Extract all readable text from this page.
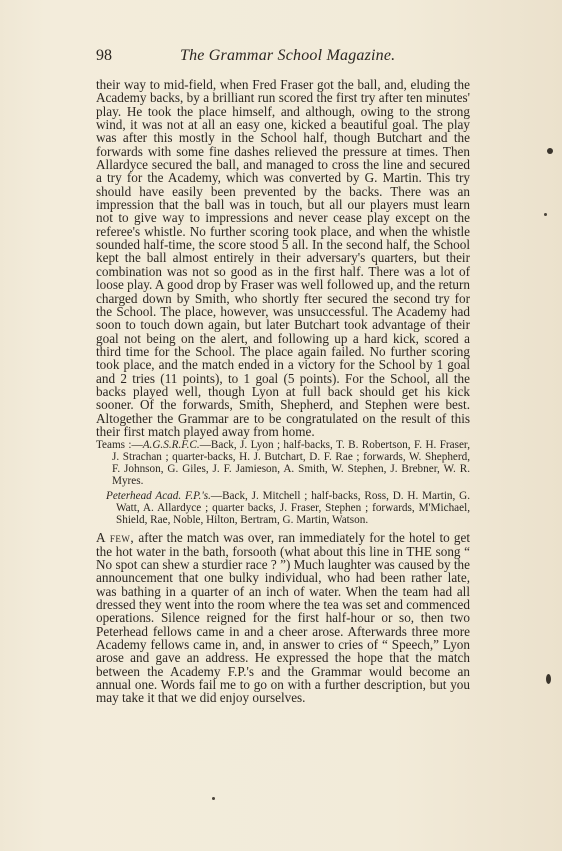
98	The Grammar School Magazine.

their way to mid-field, when Fred Fraser got the ball, and, eluding the Academy backs, by a brilliant run scored the first try after ten minutes' play. He took the place himself, and although, owing to the strong wind, it was not at all an easy one, kicked a beautiful goal. The play was after this mostly in the School half, though Butchart and the forwards with some fine dashes relieved the pressure at times. Then Allardyce secured the ball, and managed to cross the line and secured a try for the Academy, which was converted by G. Martin. This try should have easily been prevented by the backs. There was an impression that the ball was in touch, but all our players must learn not to give way to impressions and never cease play except on the referee's whistle. No further scoring took place, and when the whistle sounded half-time, the score stood 5 all. In the second half, the School kept the ball almost entirely in their adversary's quarters, but their combination was not so good as in the first half. There was a lot of loose play. A good drop by Fraser was well followed up, and the return charged down by Smith, who shortly fter secured the second try for the School. The place, however, was unsuccessful. The Academy had soon to touch down again, but later Butchart took advantage of their goal not being on the alert, and following up a hard kick, scored a third time for the School. The place again failed. No further scoring took place, and the match ended in a victory for the School by 1 goal and 2 tries (11 points), to 1 goal (5 points). For the School, all the backs played well, though Lyon at full back should get his kick sooner. Of the forwards, Smith, Shepherd, and Stephen were best. Altogether the Grammar are to be congratulated on the result of this their first match played away from home.

Teams :—A.G.S.R.F.C.—Back, J. Lyon ; half-backs, T. B. Robertson, F. H. Fraser, J. Strachan ; quarter-backs, H. J. Butchart, D. F. Rae ; forwards, W. Shepherd, F. Johnson, G. Giles, J. F. Jamieson, A. Smith, W. Stephen, J. Brebner, W. R. Myres.

Peterhead Acad. F.P.'s.—Back, J. Mitchell ; half-backs, Ross, D. H. Martin, G. Watt, A. Allardyce ; quarter backs, J. Fraser, Stephen ; forwards, M'Michael, Shield, Rae, Noble, Hilton, Bertram, G. Martin, Watson.

A few, after the match was over, ran immediately for the hotel to get the hot water in the bath, forsooth (what about this line in THE song “ No spot can shew a sturdier race ? ”) Much laughter was caused by the announcement that one bulky individual, who had been rather late, was bathing in a quarter of an inch of water. When the team had all dressed they went into the room where the tea was set and commenced operations. Silence reigned for the first half-hour or so, then two Peterhead fellows came in and a cheer arose. Afterwards three more Academy fellows came in, and, in answer to cries of “ Speech,” Lyon arose and gave an address. He expressed the hope that the match between the Academy F.P.'s and the Grammar would become an annual one. Words fail me to go on with a further description, but you may take it that we did enjoy ourselves.
